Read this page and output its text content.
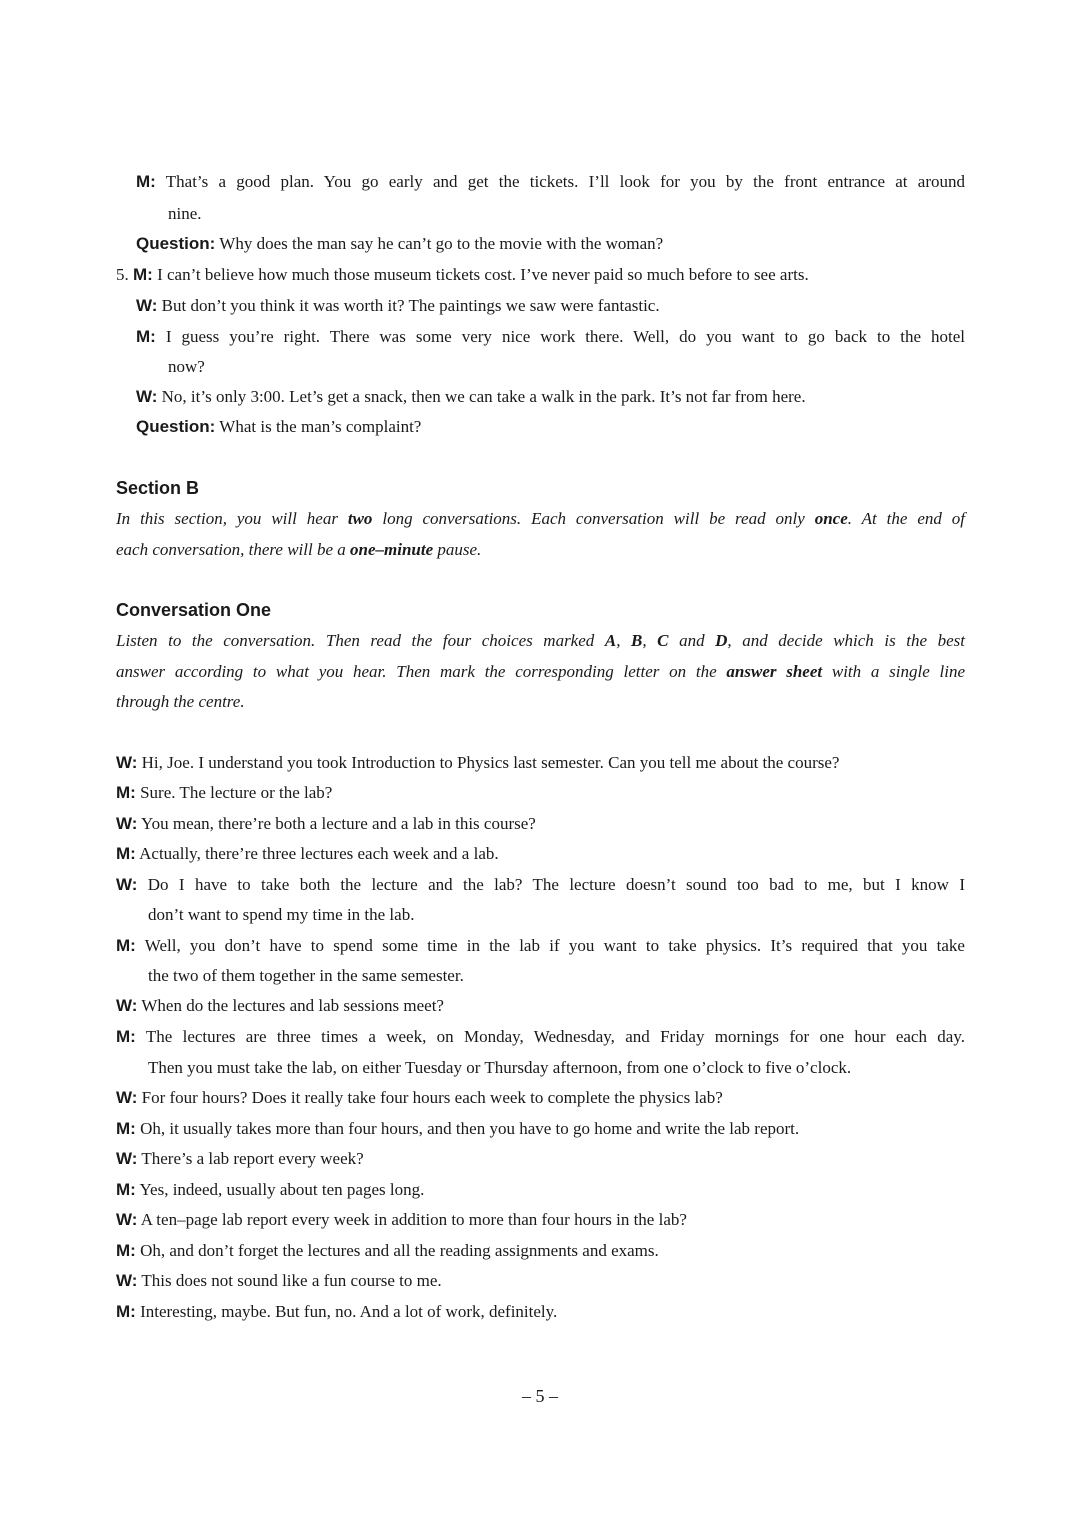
M: That’s a good plan. You go early and get the tickets. I’ll look for you by the front entrance at around
nine.
Question: Why does the man say he can’t go to the movie with the woman?
5. M: I can’t believe how much those museum tickets cost. I’ve never paid so much before to see arts.
W: But don’t you think it was worth it? The paintings we saw were fantastic.
M: I guess you’re right. There was some very nice work there. Well, do you want to go back to the hotel
now?
W: No, it’s only 3:00. Let’s get a snack, then we can take a walk in the park. It’s not far from here.
Question: What is the man’s complaint?
Section B
In this section, you will hear two long conversations. Each conversation will be read only once. At the end of
each conversation, there will be a one–minute pause.
Conversation One
Listen to the conversation. Then read the four choices marked A, B, C and D, and decide which is the best
answer according to what you hear. Then mark the corresponding letter on the answer sheet with a single line
through the centre.
W: Hi, Joe. I understand you took Introduction to Physics last semester. Can you tell me about the course?
M: Sure. The lecture or the lab?
W: You mean, there’re both a lecture and a lab in this course?
M: Actually, there’re three lectures each week and a lab.
W: Do I have to take both the lecture and the lab? The lecture doesn’t sound too bad to me, but I know I
don’t want to spend my time in the lab.
M: Well, you don’t have to spend some time in the lab if you want to take physics. It’s required that you take
the two of them together in the same semester.
W: When do the lectures and lab sessions meet?
M: The lectures are three times a week, on Monday, Wednesday, and Friday mornings for one hour each day.
Then you must take the lab, on either Tuesday or Thursday afternoon, from one o’clock to five o’clock.
W: For four hours? Does it really take four hours each week to complete the physics lab?
M: Oh, it usually takes more than four hours, and then you have to go home and write the lab report.
W: There’s a lab report every week?
M: Yes, indeed, usually about ten pages long.
W: A ten–page lab report every week in addition to more than four hours in the lab?
M: Oh, and don’t forget the lectures and all the reading assignments and exams.
W: This does not sound like a fun course to me.
M: Interesting, maybe. But fun, no. And a lot of work, definitely.
– 5 –
